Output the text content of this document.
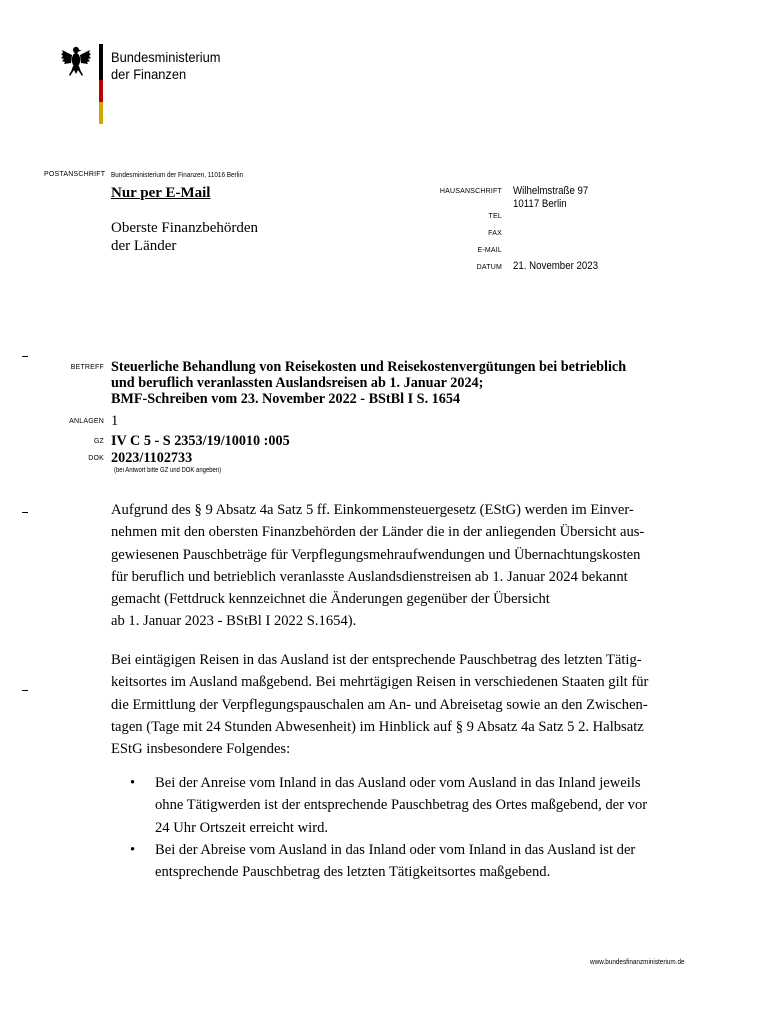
Bundesministerium
der Finanzen
POSTANSCHRIFT Bundesministerium der Finanzen, 11016 Berlin
Nur per E-Mail
Oberste Finanzbehörden
der Länder
HAUSANSCHRIFT Wilhelmstraße 97
10117 Berlin
TEL
FAX
E-MAIL
DATUM 21. November 2023
BETREFF Steuerliche Behandlung von Reisekosten und Reisekostenvergütungen bei betrieblich
und beruflich veranlassten Auslandsreisen ab 1. Januar 2024;
BMF-Schreiben vom 23. November 2022 - BStBl I S. 1654
ANLAGEN 1
GZ IV C 5 - S 2353/19/10010 :005
DOK 2023/1102733
(bei Antwort bitte GZ und DOK angeben)
Aufgrund des § 9 Absatz 4a Satz 5 ff. Einkommensteuergesetz (EStG) werden im Einver-
nehmen mit den obersten Finanzbehörden der Länder die in der anliegenden Übersicht aus-
gewiesenen Pauschbeträge für Verpflegungsmehraufwendungen und Übernachtungskosten
für beruflich und betrieblich veranlasste Auslandsdienstreisen ab 1. Januar 2024 bekannt
gemacht (Fettdruck kennzeichnet die Änderungen gegenüber der Übersicht
ab 1. Januar 2023 - BStBl I 2022 S.1654).
Bei eintägigen Reisen in das Ausland ist der entsprechende Pauschbetrag des letzten Tätig-
keitsortes im Ausland maßgebend. Bei mehrtägigen Reisen in verschiedenen Staaten gilt für
die Ermittlung der Verpflegungspauschalen am An- und Abreisetag sowie an den Zwischen-
tagen (Tage mit 24 Stunden Abwesenheit) im Hinblick auf § 9 Absatz 4a Satz 5 2. Halbsatz
EStG insbesondere Folgendes:
• Bei der Anreise vom Inland in das Ausland oder vom Ausland in das Inland jeweils
ohne Tätigwerden ist der entsprechende Pauschbetrag des Ortes maßgebend, der vor
24 Uhr Ortszeit erreicht wird.
• Bei der Abreise vom Ausland in das Inland oder vom Inland in das Ausland ist der
entsprechende Pauschbetrag des letzten Tätigkeitsortes maßgebend.
www.bundesfinanzministerium.de
